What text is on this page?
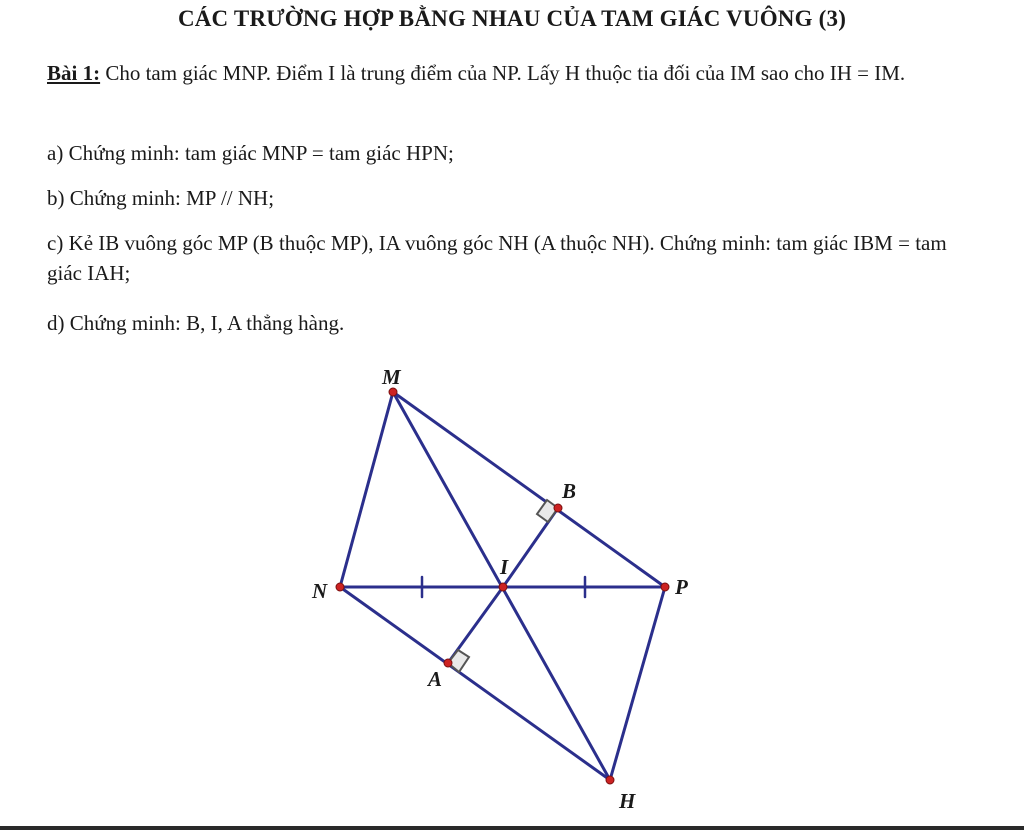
CÁC TRƯỜNG HỢP BẰNG NHAU CỦA TAM GIÁC VUÔNG (3)
Bài 1: Cho tam giác MNP. Điểm I là trung điểm của NP. Lấy H thuộc tia đối của IM sao cho IH = IM.
a) Chứng minh: tam giác MNP = tam giác HPN;
b) Chứng minh: MP // NH;
c) Kẻ IB vuông góc MP (B thuộc MP), IA vuông góc NH (A thuộc NH). Chứng minh: tam giác IBM = tam giác IAH;
d) Chứng minh: B, I, A thẳng hàng.
M
N	P
I
B
A
H
